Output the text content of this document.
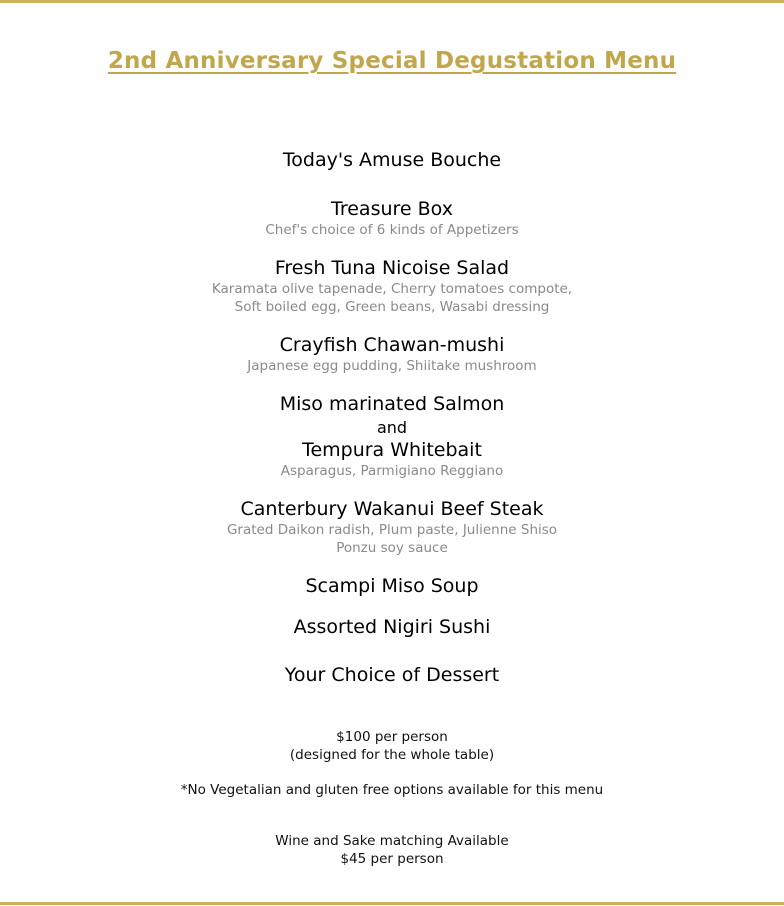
2nd Anniversary Special Degustation Menu
Today's Amuse Bouche
Treasure Box
Chef's choice of 6 kinds of Appetizers
Fresh Tuna Nicoise Salad
Karamata olive tapenade, Cherry tomatoes compote,
Soft boiled egg, Green beans, Wasabi dressing
Crayfish Chawan-mushi
Japanese egg pudding, Shiitake mushroom
Miso marinated Salmon
and
Tempura Whitebait
Asparagus, Parmigiano Reggiano
Canterbury Wakanui Beef Steak
Grated Daikon radish, Plum paste, Julienne Shiso
Ponzu soy sauce
Scampi Miso Soup
Assorted Nigiri Sushi
Your Choice of Dessert
$100 per person
(designed for the whole table)
*No Vegetalian and gluten free options available for this menu
Wine and Sake matching Available
$45 per person
